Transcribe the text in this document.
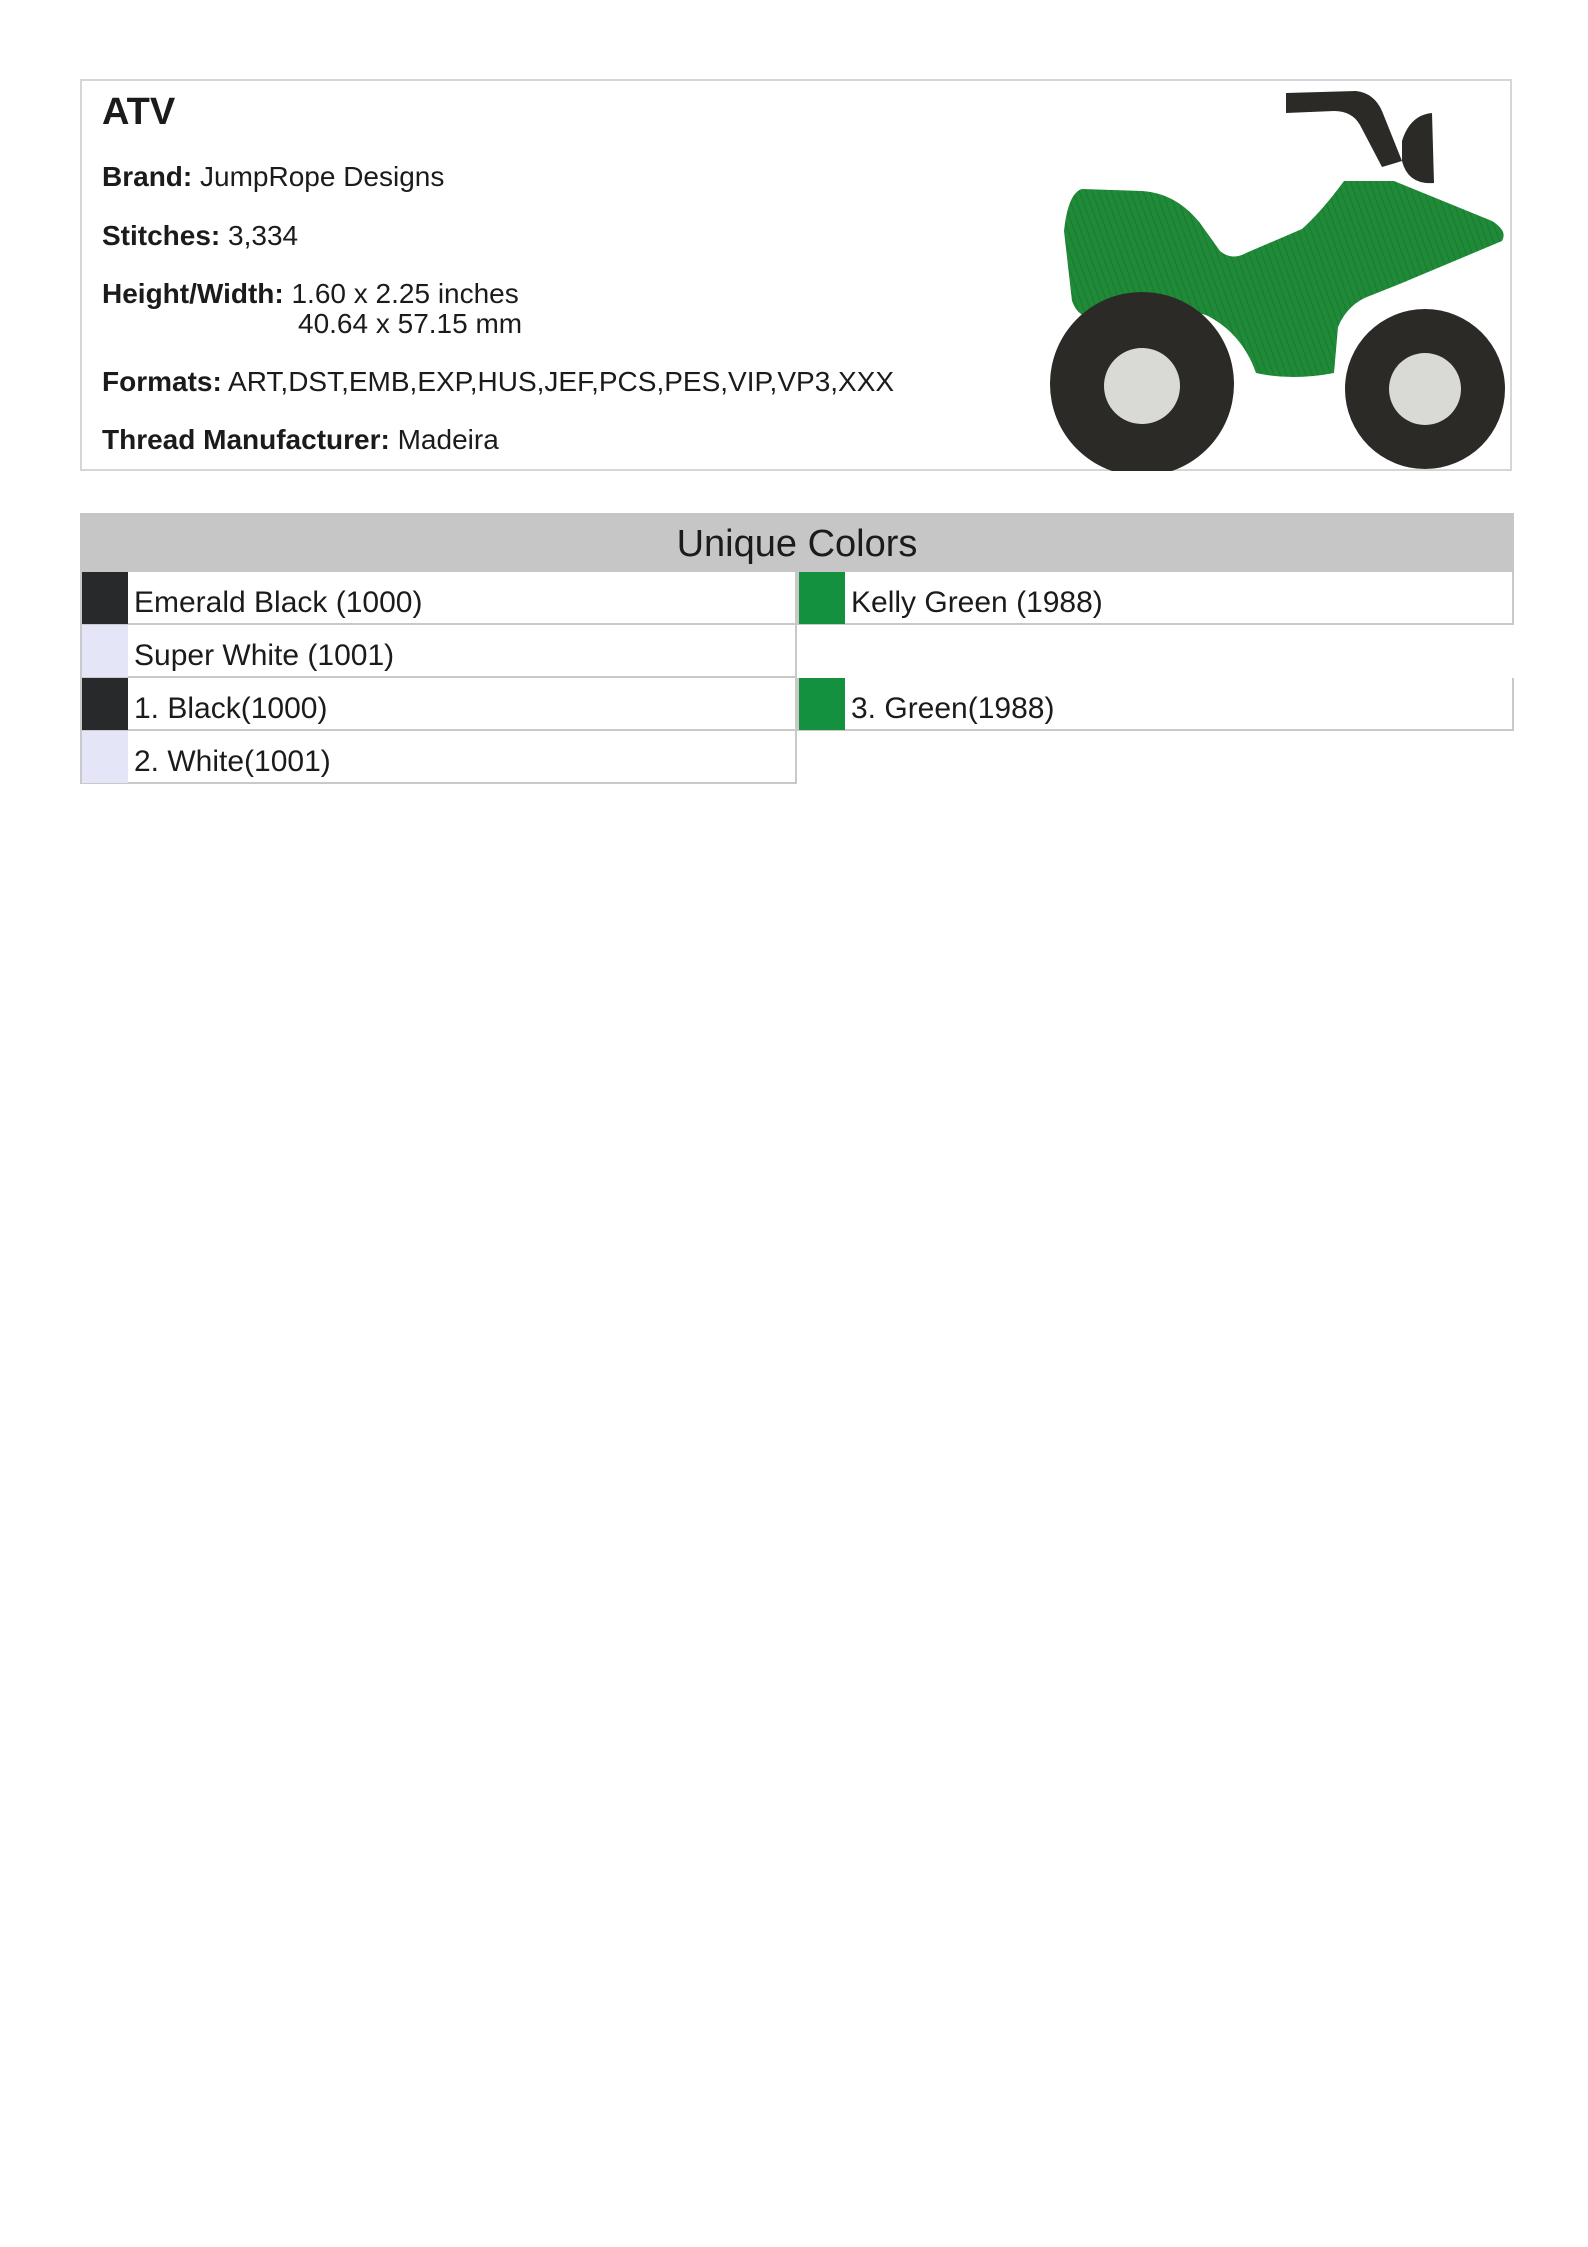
ATV
Brand: JumpRope Designs
Stitches: 3,334
Height/Width: 1.60 x 2.25 inches
40.64 x 57.15 mm
Formats: ART,DST,EMB,EXP,HUS,JEF,PCS,PES,VIP,VP3,XXX
Thread Manufacturer: Madeira
Unique Colors
Emerald Black (1000)	Kelly Green (1988)
Super White (1001)
1. Black(1000)	3. Green(1988)
2. White(1001)
